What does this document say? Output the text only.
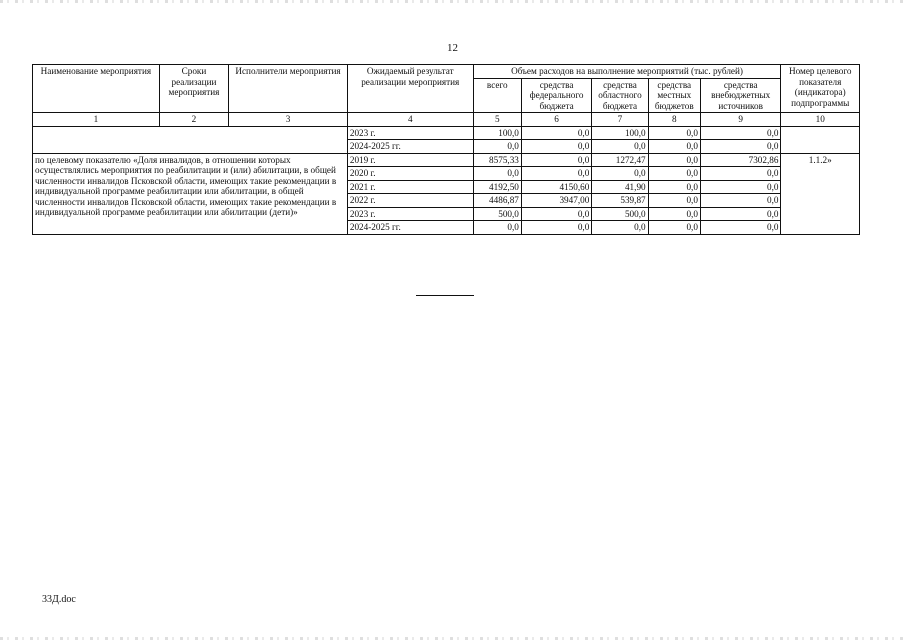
12
Наименование мероприятия	Сроки реализации мероприятия	Исполнители мероприятия	Ожидаемый результат реализации мероприятия	Объем расходов на выполнение мероприятий (тыс. рублей)					Номер целевого показателя (индикатора) подпрограммы
				всего	средства федерального бюджета	средства областного бюджета	средства местных бюджетов	средства внебюджетных источников	
1	2	3	4	5	6	7	8	9	10
			2023 г.	100,0	0,0	100,0	0,0	0,0	
			2024-2025 гг.	0,0	0,0	0,0	0,0	0,0	
по целевому показателю «Доля инвалидов, в отношении которых осуществлялись мероприятия по реабилитации и (или) абилитации, в общей численности инвалидов Псковской области, имеющих такие рекомендации в индивидуальной программе реабилитации или абилитации, в общей численности инвалидов Псковской области, имеющих такие рекомендации в индивидуальной программе реабилитации или абилитации (дети)»			2019 г.	8575,33	0,0	1272,47	0,0	7302,86	1.1.2»
			2020 г.	0,0	0,0	0,0	0,0	0,0	
			2021 г.	4192,50	4150,60	41,90	0,0	0,0	
			2022 г.	4486,87	3947,00	539,87	0,0	0,0	
			2023 г.	500,0	0,0	500,0	0,0	0,0	
			2024-2025 гг.	0,0	0,0	0,0	0,0	0,0	
33Д.doc
